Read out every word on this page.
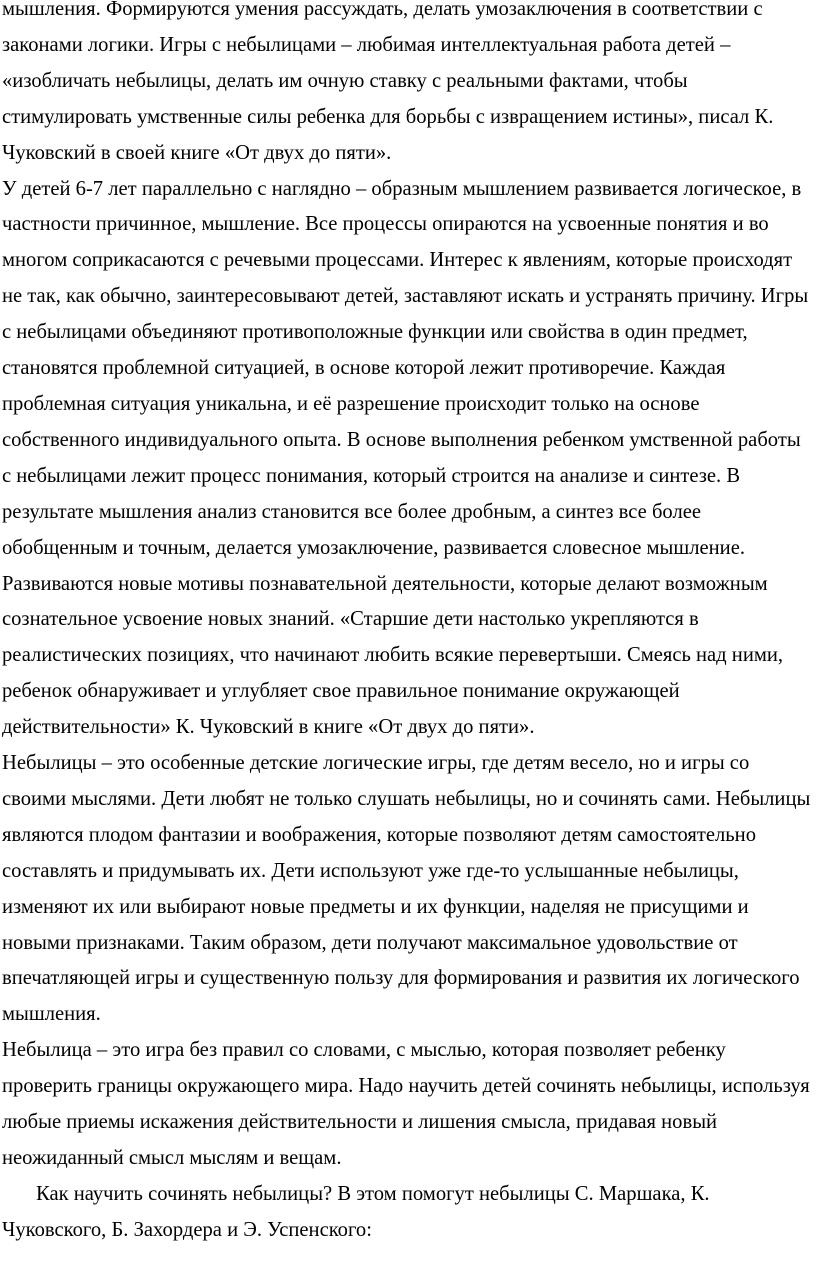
мышления. Формируются умения рассуждать, делать умозаключения в соответствии с законами логики. Игры с небылицами – любимая интеллектуальная работа детей – «изобличать небылицы, делать им очную ставку с реальными фактами, чтобы стимулировать умственные силы ребенка для борьбы с извращением истины», писал К. Чуковский в своей книге «От двух до пяти».

У детей 6-7 лет параллельно с наглядно – образным мышлением развивается логическое, в частности причинное, мышление. Все процессы опираются на усвоенные понятия и во многом соприкасаются с речевыми процессами. Интерес к явлениям, которые происходят не так, как обычно, заинтересовывают детей, заставляют искать и устранять причину. Игры с небылицами объединяют противоположные функции или свойства в один предмет, становятся проблемной ситуацией, в основе которой лежит противоречие. Каждая проблемная ситуация уникальна, и её разрешение происходит только на основе собственного индивидуального опыта. В основе выполнения ребенком умственной работы с небылицами лежит процесс понимания, который строится на анализе и синтезе. В результате мышления анализ становится все более дробным, а синтез все более обобщенным и точным, делается умозаключение, развивается словесное мышление. Развиваются новые мотивы познавательной деятельности, которые делают возможным сознательное усвоение новых знаний. «Старшие дети настолько укрепляются в реалистических позициях, что начинают любить всякие перевертыши. Смеясь над ними, ребенок обнаруживает и углубляет свое правильное понимание окружающей действительности» К. Чуковский в книге «От двух до пяти».

Небылицы – это особенные детские логические игры, где детям весело, но и игры со своими мыслями. Дети любят не только слушать небылицы, но и сочинять сами. Небылицы являются плодом фантазии и воображения, которые позволяют детям самостоятельно составлять и придумывать их. Дети используют уже где-то услышанные небылицы, изменяют их или выбирают новые предметы и их функции, наделяя не присущими и новыми признаками. Таким образом, дети получают максимальное удовольствие от впечатляющей игры и существенную пользу для формирования и развития их логического мышления.

Небылица – это игра без правил со словами, с мыслью, которая позволяет ребенку проверить границы окружающего мира. Надо научить детей сочинять небылицы, используя любые приемы искажения действительности и лишения смысла, придавая новый неожиданный смысл мыслям и вещам.

Как научить сочинять небылицы? В этом помогут небылицы С. Маршака, К. Чуковского, Б. Захордера и Э. Успенского:
